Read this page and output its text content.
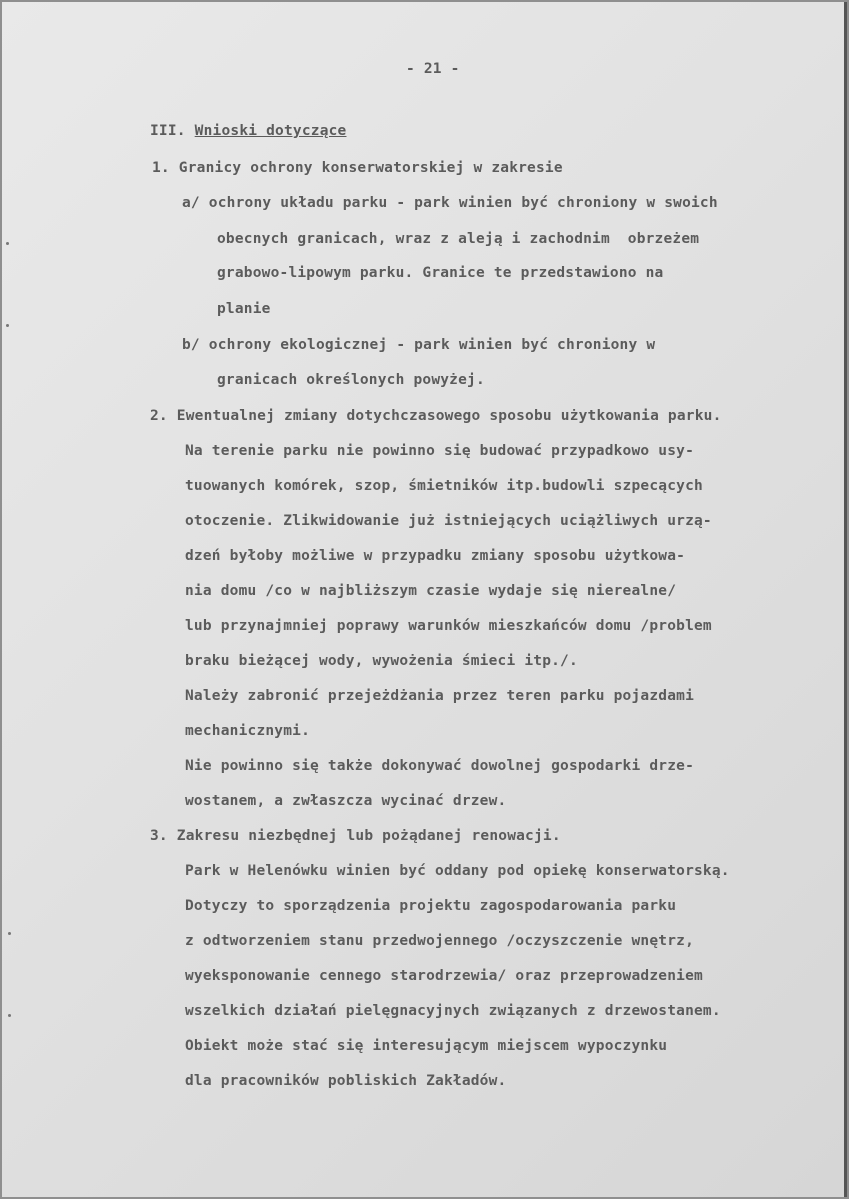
- 21 -
III. Wnioski dotyczące
1. Granicy ochrony konserwatorskiej w zakresie
a/ ochrony układu parku - park winien być chroniony w swoich
obecnych granicach, wraz z aleją i zachodnim  obrzeżem
grabowo-lipowym parku. Granice te przedstawiono na
planie
b/ ochrony ekologicznej - park winien być chroniony w
granicach określonych powyżej.
2. Ewentualnej zmiany dotychczasowego sposobu użytkowania parku.
Na terenie parku nie powinno się budować przypadkowo usy-
tuowanych komórek, szop, śmietników itp.budowli szpecących
otoczenie. Zlikwidowanie już istniejących uciążliwych urzą-
dzeń byłoby możliwe w przypadku zmiany sposobu użytkowa-
nia domu /co w najbliższym czasie wydaje się nierealne/
lub przynajmniej poprawy warunków mieszkańców domu /problem
braku bieżącej wody, wywożenia śmieci itp./.
Należy zabronić przejeżdżania przez teren parku pojazdami
mechanicznymi.
Nie powinno się także dokonywać dowolnej gospodarki drze-
wostanem, a zwłaszcza wycinać drzew.
3. Zakresu niezbędnej lub pożądanej renowacji.
Park w Helenówku winien być oddany pod opiekę konserwatorską.
Dotyczy to sporządzenia projektu zagospodarowania parku
z odtworzeniem stanu przedwojennego /oczyszczenie wnętrz,
wyeksponowanie cennego starodrzewia/ oraz przeprowadzeniem
wszelkich działań pielęgnacyjnych związanych z drzewostanem.
Obiekt może stać się interesującym miejscem wypoczynku
dla pracowników pobliskich Zakładów.
